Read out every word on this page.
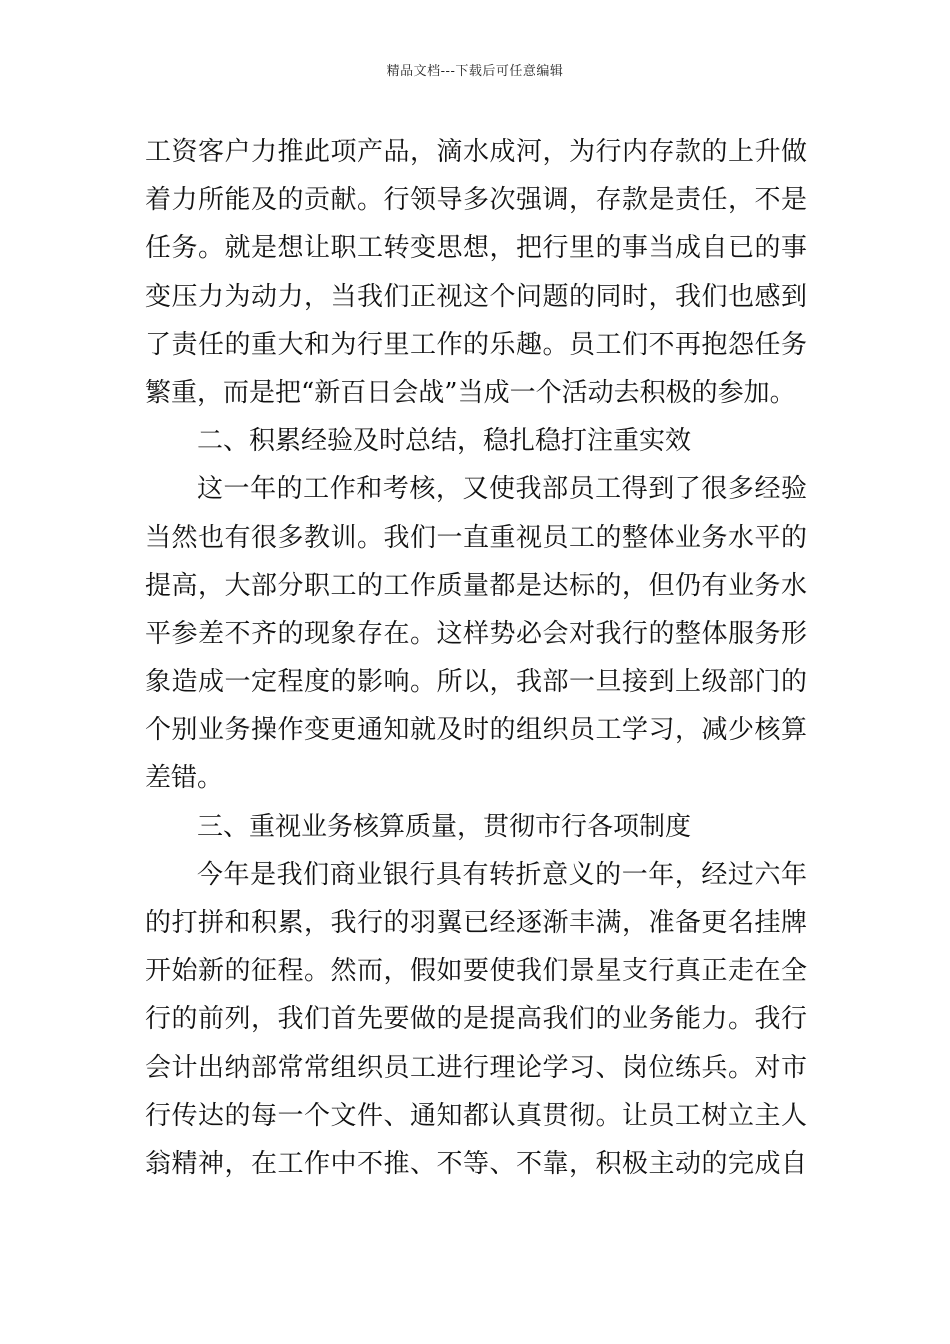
精品文档---下载后可任意编辑
工资客户力推此项产品，滴水成河，为行内存款的上升做
着力所能及的贡献。行领导多次强调，存款是责任，不是
任务。就是想让职工转变思想，把行里的事当成自已的事
变压力为动力，当我们正视这个问题的同时，我们也感到
了责任的重大和为行里工作的乐趣。员工们不再抱怨任务
繁重，而是把“新百日会战”当成一个活动去积极的参加。
二、积累经验及时总结，稳扎稳打注重实效
这一年的工作和考核，又使我部员工得到了很多经验
当然也有很多教训。我们一直重视员工的整体业务水平的
提高，大部分职工的工作质量都是达标的，但仍有业务水
平参差不齐的现象存在。这样势必会对我行的整体服务形
象造成一定程度的影响。所以，我部一旦接到上级部门的
个别业务操作变更通知就及时的组织员工学习，减少核算
差错。
三、重视业务核算质量，贯彻市行各项制度
今年是我们商业银行具有转折意义的一年，经过六年
的打拼和积累，我行的羽翼已经逐渐丰满，准备更名挂牌
开始新的征程。然而，假如要使我们景星支行真正走在全
行的前列，我们首先要做的是提高我们的业务能力。我行
会计出纳部常常组织员工进行理论学习、岗位练兵。对市
行传达的每一个文件、通知都认真贯彻。让员工树立主人
翁精神，在工作中不推、不等、不靠，积极主动的完成自
